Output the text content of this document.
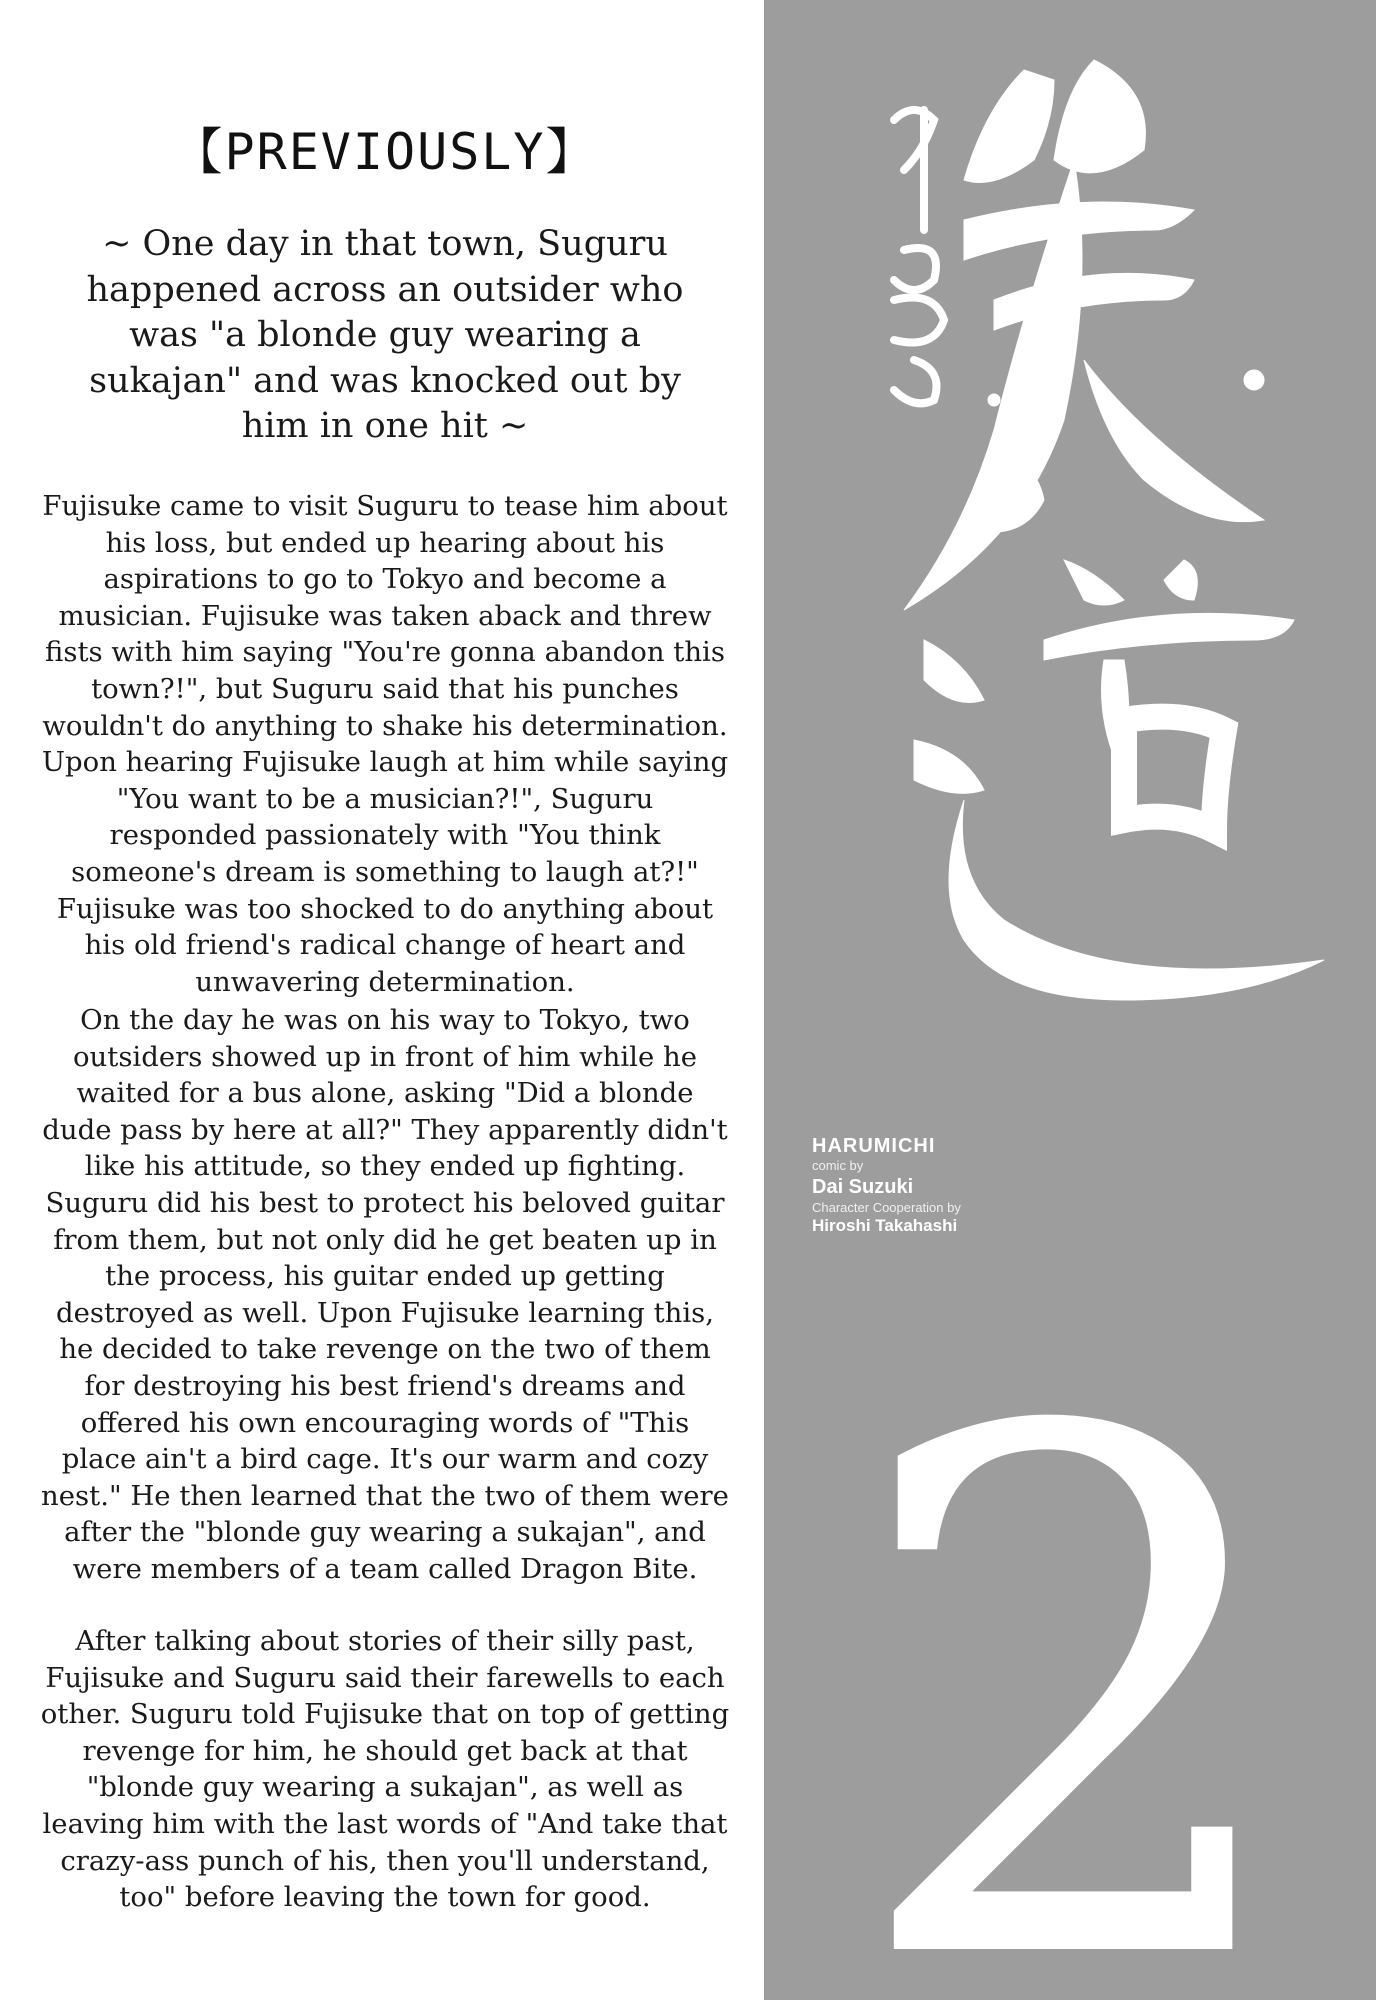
【PREVIOUSLY】
~ One day in that town, Suguru happened across an outsider who was "a blonde guy wearing a sukajan" and was knocked out by him in one hit ~
Fujisuke came to visit Suguru to tease him about his loss, but ended up hearing about his aspirations to go to Tokyo and become a musician. Fujisuke was taken aback and threw fists with him saying "You're gonna abandon this town?!", but Suguru said that his punches wouldn't do anything to shake his determination. Upon hearing Fujisuke laugh at him while saying "You want to be a musician?!", Suguru responded passionately with "You think someone's dream is something to laugh at?!" Fujisuke was too shocked to do anything about his old friend's radical change of heart and unwavering determination.
On the day he was on his way to Tokyo, two outsiders showed up in front of him while he waited for a bus alone, asking "Did a blonde dude pass by here at all?" They apparently didn't like his attitude, so they ended up fighting. Suguru did his best to protect his beloved guitar from them, but not only did he get beaten up in the process, his guitar ended up getting destroyed as well. Upon Fujisuke learning this, he decided to take revenge on the two of them for destroying his best friend's dreams and offered his own encouraging words of "This place ain't a bird cage. It's our warm and cozy nest." He then learned that the two of them were after the "blonde guy wearing a sukajan", and were members of a team called Dragon Bite.
After talking about stories of their silly past, Fujisuke and Suguru said their farewells to each other. Suguru told Fujisuke that on top of getting revenge for him, he should get back at that "blonde guy wearing a sukajan", as well as leaving him with the last words of "And take that crazy-ass punch of his, then you'll understand, too" before leaving the town for good.
HARUMICHI
comic by
Dai Suzuki
Character Cooperation by
Hiroshi Takahashi
2
